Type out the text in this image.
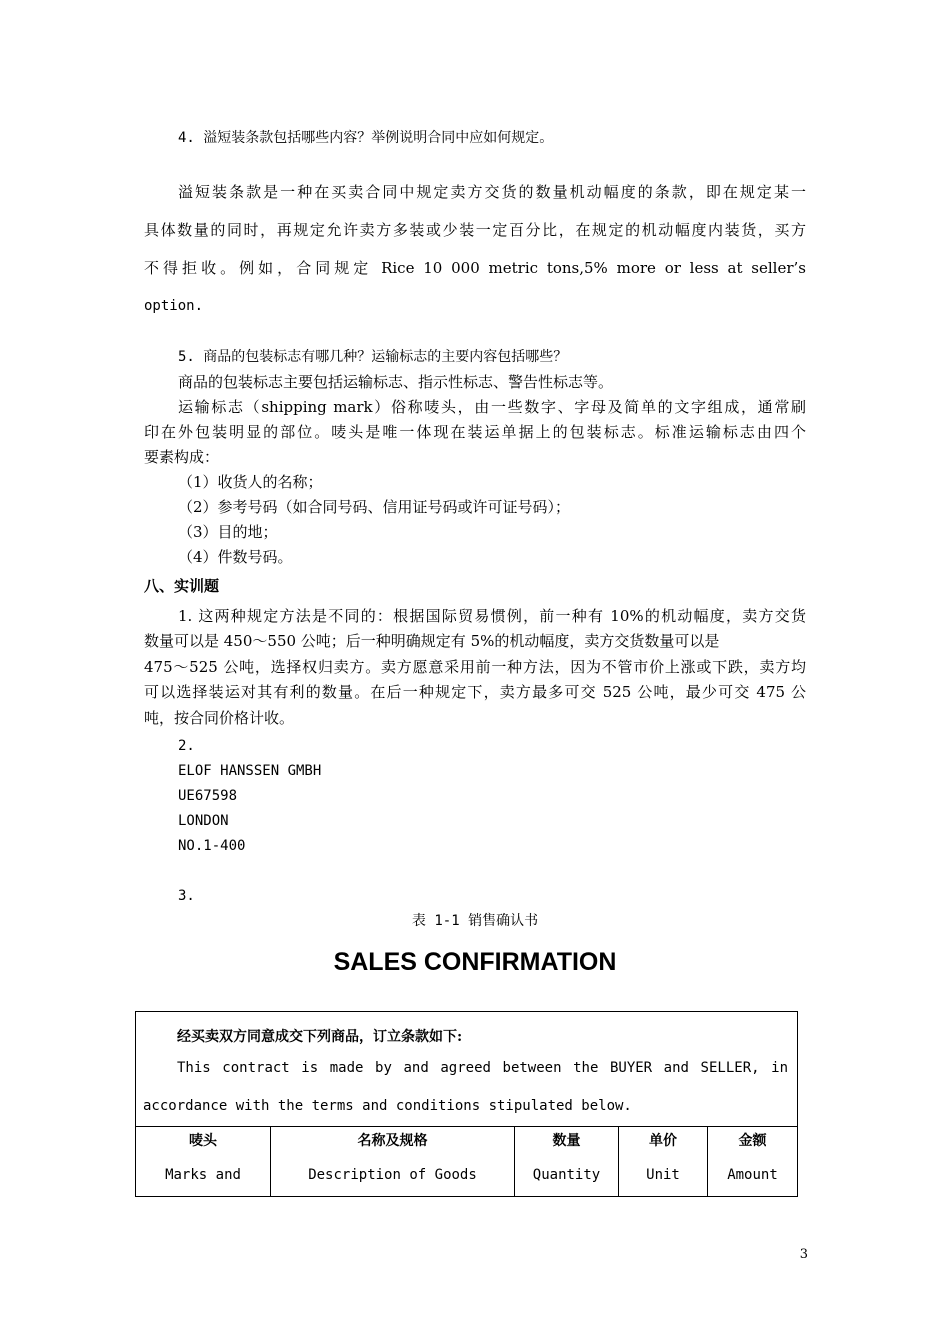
4. 溢短装条款包括哪些内容？举例说明合同中应如何规定。
溢短装条款是一种在买卖合同中规定卖方交货的数量机动幅度的条款，即在规定某一
具体数量的同时，再规定允许卖方多装或少装一定百分比，在规定的机动幅度内装货，买方
不得拒收。例如，合同规定 Rice 10 000 metric tons,5% more or less at seller’s
option.
5. 商品的包装标志有哪几种？运输标志的主要内容包括哪些？
商品的包装标志主要包括运输标志、指示性标志、警告性标志等。
运输标志（shipping mark）俗称唛头，由一些数字、字母及简单的文字组成，通常刷
印在外包装明显的部位。唛头是唯一体现在装运单据上的包装标志。标准运输标志由四个
要素构成：
（1）收货人的名称；
（2）参考号码（如合同号码、信用证号码或许可证号码）；
（3）目的地；
（4）件数号码。
八、实训题
1. 这两种规定方法是不同的：根据国际贸易惯例，前一种有 10%的机动幅度，卖方交货
数量可以是 450～550 公吨；后一种明确规定有 5%的机动幅度，卖方交货数量可以是
475～525 公吨，选择权归卖方。卖方愿意采用前一种方法，因为不管市价上涨或下跌，卖方均
可以选择装运对其有利的数量。在后一种规定下，卖方最多可交 525 公吨，最少可交 475 公
吨，按合同价格计收。
2.
ELOF HANSSEN GMBH
UE67598
LONDON
NO.1-400
3.
表 1-1 销售确认书
SALES CONFIRMATION
经买卖双方同意成交下列商品，订立条款如下:
This contract is made by and agreed between the BUYER and SELLER, in
accordance with the terms and conditions stipulated below.
唛头
Marks and
名称及规格
Description of Goods
数量
Quantity
单价
Unit
金额
Amount
3
